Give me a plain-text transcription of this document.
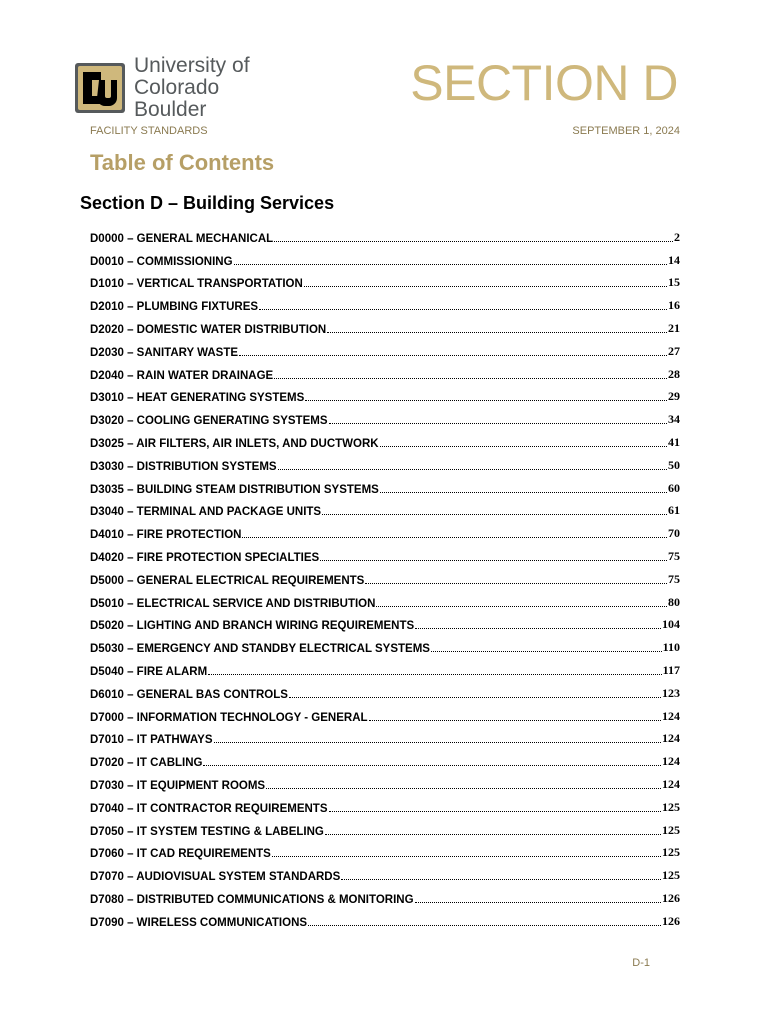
University of Colorado
Boulder	SECTION D
FACILITY STANDARDS	SEPTEMBER 1, 2024
Table of Contents
Section D – Building Services
D0000 – GENERAL MECHANICAL	2
D0010 – COMMISSIONING	14
D1010 – VERTICAL TRANSPORTATION	15
D2010 – PLUMBING FIXTURES	16
D2020 – DOMESTIC WATER DISTRIBUTION	21
D2030 – SANITARY WASTE	27
D2040 – RAIN WATER DRAINAGE	28
D3010 – HEAT GENERATING SYSTEMS	29
D3020 – COOLING GENERATING SYSTEMS	34
D3025 – AIR FILTERS, AIR INLETS, AND DUCTWORK	41
D3030 – DISTRIBUTION SYSTEMS	50
D3035 – BUILDING STEAM DISTRIBUTION SYSTEMS	60
D3040 – TERMINAL AND PACKAGE UNITS	61
D4010 – FIRE PROTECTION	70
D4020 – FIRE PROTECTION SPECIALTIES	75
D5000 – GENERAL ELECTRICAL REQUIREMENTS	75
D5010 – ELECTRICAL SERVICE AND DISTRIBUTION	80
D5020 – LIGHTING AND BRANCH WIRING REQUIREMENTS	104
D5030 – EMERGENCY AND STANDBY ELECTRICAL SYSTEMS	110
D5040 – FIRE ALARM	117
D6010 – GENERAL BAS CONTROLS	123
D7000 – INFORMATION TECHNOLOGY - GENERAL	124
D7010 – IT PATHWAYS	124
D7020 – IT CABLING	124
D7030 – IT EQUIPMENT ROOMS	124
D7040 – IT CONTRACTOR REQUIREMENTS	125
D7050 – IT SYSTEM TESTING & LABELING	125
D7060 – IT CAD REQUIREMENTS	125
D7070 – AUDIOVISUAL SYSTEM STANDARDS	125
D7080 – DISTRIBUTED COMMUNICATIONS & MONITORING	126
D7090 – WIRELESS COMMUNICATIONS	126
D-1
